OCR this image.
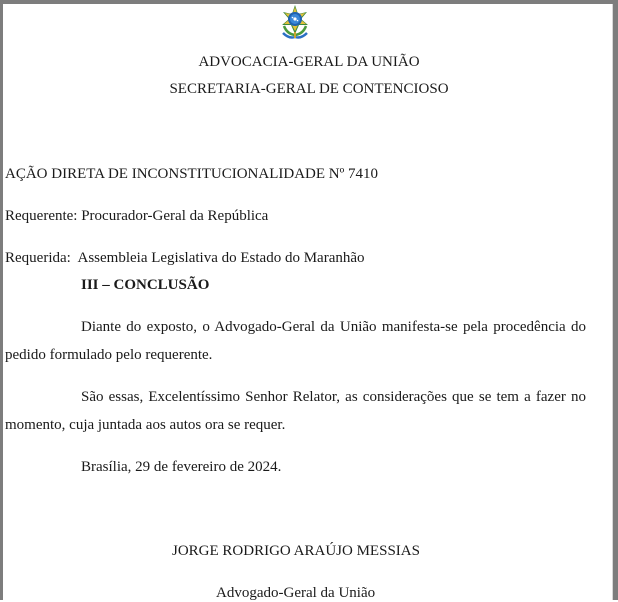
ADVOCACIA-GERAL DA UNIÃO
SECRETARIA-GERAL DE CONTENCIOSO
AÇÃO DIRETA DE INCONSTITUCIONALIDADE Nº 7410
Requerente: Procurador-Geral da República
Requerida: Assembleia Legislativa do Estado do Maranhão
III – CONCLUSÃO
Diante do exposto, o Advogado-Geral da União manifesta-se pela procedência do
pedido formulado pelo requerente.
São essas, Excelentíssimo Senhor Relator, as considerações que se tem a fazer no
momento, cuja juntada aos autos ora se requer.
Brasília, 29 de fevereiro de 2024.
JORGE RODRIGO ARAÚJO MESSIAS
Advogado-Geral da União
